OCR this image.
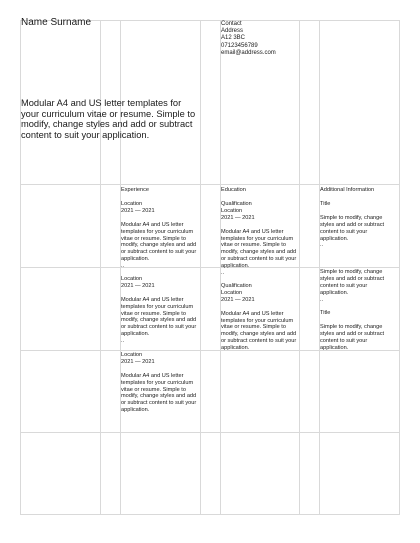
Name Surname	Contact
Address
A12 3BC
07123456789
email@address.com
Modular A4 and US letter templates for your curriculum vitae or resume. Simple to modify, change styles and add or subtract content to suit your application.
Experience
Location
2021 — 2021
Modular A4 and US letter templates for your curriculum vitae or resume. Simple to modify, change styles and add or subtract content to suit your application.
..
Location
2021 — 2021
Modular A4 and US letter templates for your curriculum vitae or resume. Simple to modify, change styles and add or subtract content to suit your application.
..
Location
2021 — 2021
Modular A4 and US letter templates for your curriculum vitae or resume. Simple to modify, change styles and add or subtract content to suit your application.
Education
Qualification
Location
2021 — 2021
Modular A4 and US letter templates for your curriculum vitae or resume. Simple to modify, change styles and add or subtract content to suit your application.
..
Qualification
Location
2021 — 2021
Modular A4 and US letter templates for your curriculum vitae or resume. Simple to modify, change styles and add or subtract content to suit your application.
Additional Information
Title
Simple to modify, change styles and add or subtract content to suit your application.
..
Simple to modify, change styles and add or subtract content to suit your application.
..
Title
Simple to modify, change styles and add or subtract content to suit your application.
